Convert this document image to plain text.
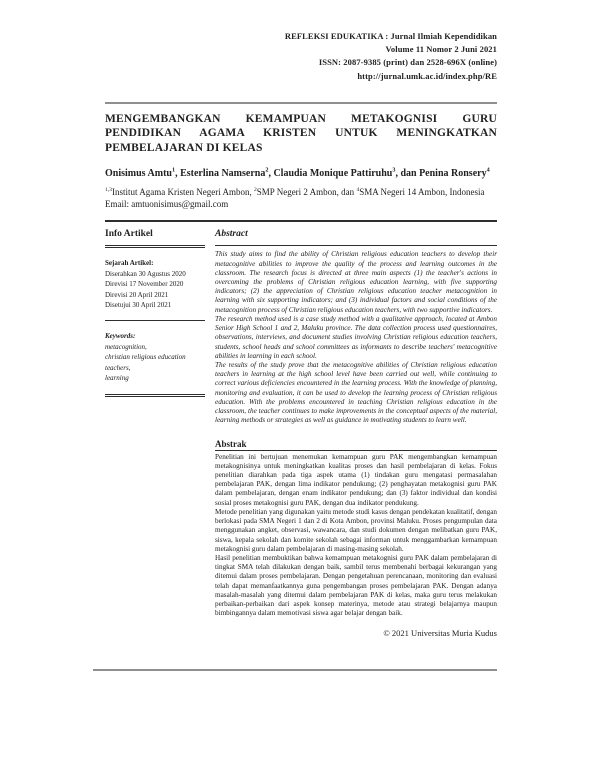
REFLEKSI EDUKATIKA : Jurnal Ilmiah Kependidikan
Volume 11 Nomor 2 Juni 2021
ISSN: 2087-9385 (print) dan 2528-696X (online)
http://jurnal.umk.ac.id/index.php/RE
MENGEMBANGKAN KEMAMPUAN METAKOGNISI GURU PENDIDIKAN AGAMA KRISTEN UNTUK MENINGKATKAN PEMBELAJARAN DI KELAS

Onisimus Amtu$^1$, Esterlina Namserna$^2$, Claudia Monique Pattiruhu$^3$, dan Penina Ronsery$^4$

$^{1,3}$Institut Agama Kristen Negeri Ambon, $^2$SMP Negeri 2 Ambon, dan $^4$SMA Negeri 14 Ambon, Indonesia

Email: amtuonisimus@gmail.com

Info Artikel
Sejarah Artikel:
Diserahkan 30 Agustus 2020
Direvisi 17 November 2020
Direvisi 20 April 2021
Disetujui 30 April 2021
Keywords:
metacognition,
christian religious education
teachers,
learning
Abstract

This study aims to find the ability of Christian religious education teachers to develop their metacognitive abilities to improve the quality of the process and learning outcomes in the classroom. The research focus is directed at three main aspects (1) the teacher's actions in overcoming the problems of Christian religious education learning, with five supporting indicators; (2) the appreciation of Christian religious education teacher metacognition in learning with six supporting indicators; and (3) individual factors and social conditions of the metacognition process of Christian religious education teachers, with two supportive indicators.

The research method used is a case study method with a qualitative approach, located at Ambon Senior High School 1 and 2, Maluku province. The data collection process used questionnaires, observations, interviews, and document studies involving Christian religious education teachers, students, school heads and school committees as informants to describe teachers' metacognitive abilities in learning in each school.

The results of the study prove that the metacognitive abilities of Christian religious education teachers in learning at the high school level have been carried out well, while continuing to correct various deficiencies encountered in the learning process. With the knowledge of planning, monitoring and evaluation, it can be used to develop the learning process of Christian religious education. With the problems encountered in teaching Christian religious education in the classroom, the teacher continues to make improvements in the conceptual aspects of the material, learning methods or strategies as well as guidance in motivating students to learn well.

Abstrak

Penelitian ini bertujuan menemukan kemampuan guru PAK mengembangkan kemampuan metakognisinya untuk meningkatkan kualitas proses dan hasil pembelajaran di kelas. Fokus penelitian diarahkan pada tiga aspek utama (1) tindakan guru mengatasi permasalahan pembelajaran PAK, dengan lima indikator pendukung; (2) penghayatan metakognisi guru PAK dalam pembelajaran, dengan enam indikator pendukung; dan (3) faktor individual dan kondisi sosial proses metakognisi guru PAK, dengan dua indikator pendukung.

Metode penelitian yang digunakan yaitu metode studi kasus dengan pendekatan kualitatif, dengan berlokasi pada SMA Negeri 1 dan 2 di Kota Ambon, provinsi Maluku. Proses pengumpulan data menggunakan angket, observasi, wawancara, dan studi dokumen dengan melibatkan guru PAK, siswa, kepala sekolah dan komite sekolah sebagai informan untuk menggambarkan kemampuan metakognisi guru dalam pembelajaran di masing-masing sekolah.

Hasil penelitian membuktikan bahwa kemampuan metakognisi guru PAK dalam pembelajaran di tingkat SMA telah dilakukan dengan baik, sambil terus membenahi berbagai kekurangan yang ditemui dalam proses pembelajaran. Dengan pengetahuan perencanaan, monitoring dan evaluasi telah dapat memanfaatkannya guna pengembangan proses pembelajaran PAK. Dengan adanya masalah-masalah yang ditemui dalam pembelajaran PAK di kelas, maka guru terus melakukan perbaikan-perbaikan dari aspek konsep materinya, metode atau strategi belajarnya maupun bimbingannya dalam memotivasi siswa agar belajar dengan baik.

© 2021 Universitas Muria Kudus
